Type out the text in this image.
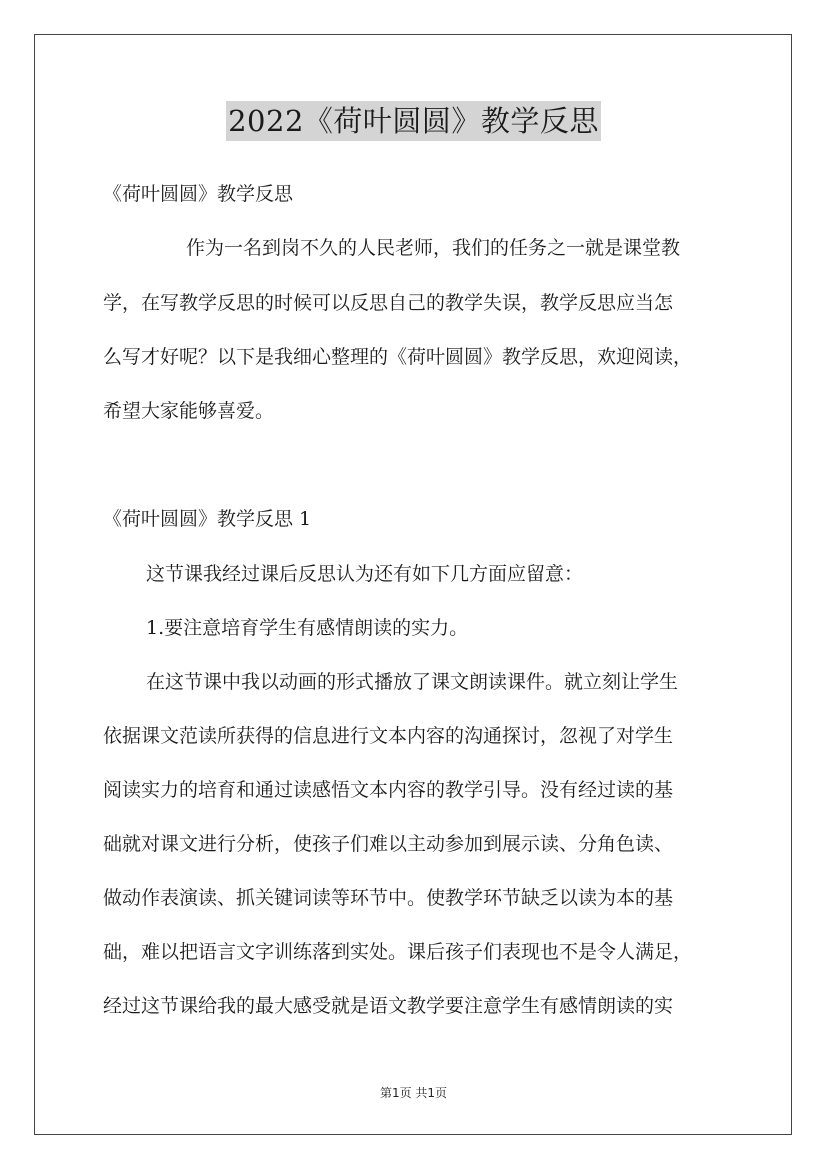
2022《荷叶圆圆》教学反思
《荷叶圆圆》教学反思
作为一名到岗不久的人民老师，我们的任务之一就是课堂教
学，在写教学反思的时候可以反思自己的教学失误，教学反思应当怎
么写才好呢？以下是我细心整理的《荷叶圆圆》教学反思，欢迎阅读，
希望大家能够喜爱。
《荷叶圆圆》教学反思 1
这节课我经过课后反思认为还有如下几方面应留意：
1.要注意培育学生有感情朗读的实力。
在这节课中我以动画的形式播放了课文朗读课件。就立刻让学生
依据课文范读所获得的信息进行文本内容的沟通探讨，忽视了对学生
阅读实力的培育和通过读感悟文本内容的教学引导。没有经过读的基
础就对课文进行分析，使孩子们难以主动参加到展示读、分角色读、
做动作表演读、抓关键词读等环节中。使教学环节缺乏以读为本的基
础，难以把语言文字训练落到实处。课后孩子们表现也不是令人满足，
经过这节课给我的最大感受就是语文教学要注意学生有感情朗读的实
第1页 共1页
